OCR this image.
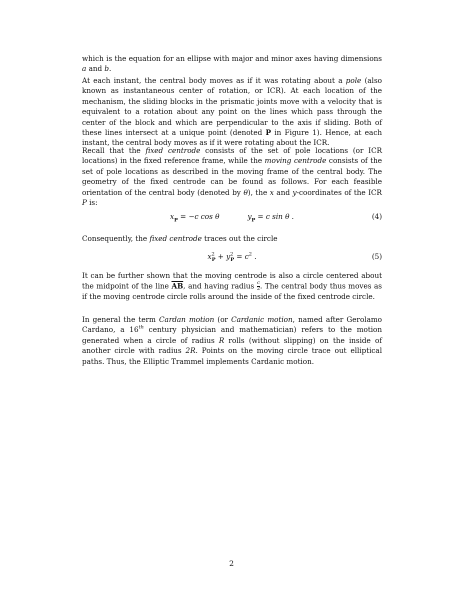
which is the equation for an ellipse with major and minor axes having dimensions a and b.
At each instant, the central body moves as if it was rotating about a pole (also known as instantaneous center of rotation, or ICR). At each location of the mechanism, the sliding blocks in the prismatic joints move with a velocity that is equivalent to a rotation about any point on the lines which pass through the center of the block and which are perpendicular to the axis if sliding. Both of these lines intersect at a unique point (denoted P in Figure 1). Hence, at each instant, the central body moves as if it were rotating about the ICR.
Recall that the fixed centrode consists of the set of pole locations (or ICR locations) in the fixed reference frame, while the moving centrode consists of the set of pole locations as described in the moving frame of the central body. The geometry of the fixed centrode can be found as follows. For each feasible orientation of the central body (denoted by θ), the x and y-coordinates of the ICR P is:
$x_P = -c$ cos θ	$y_P = c$ sin θ .	(4)
Consequently, the fixed centrode traces out the circle
$x^2_P + y^2_P = c^2$ .	(5)
It can be further shown that the moving centrode is also a circle centered about the midpoint of the line $\overline{AB}$, and having radius $\frac{c}{2}$ . The central body thus moves as if the moving centrode circle rolls around the inside of the fixed centrode circle.
In general the term Cardan motion (or Cardanic motion, named after Gerolamo Cardano, a 16th century physician and mathematician) refers to the motion generated when a circle of radius R rolls (without slipping) on the inside of another circle with radius 2R. Points on the moving circle trace out elliptical paths. Thus, the Elliptic Trammel implements Cardanic motion.
2
